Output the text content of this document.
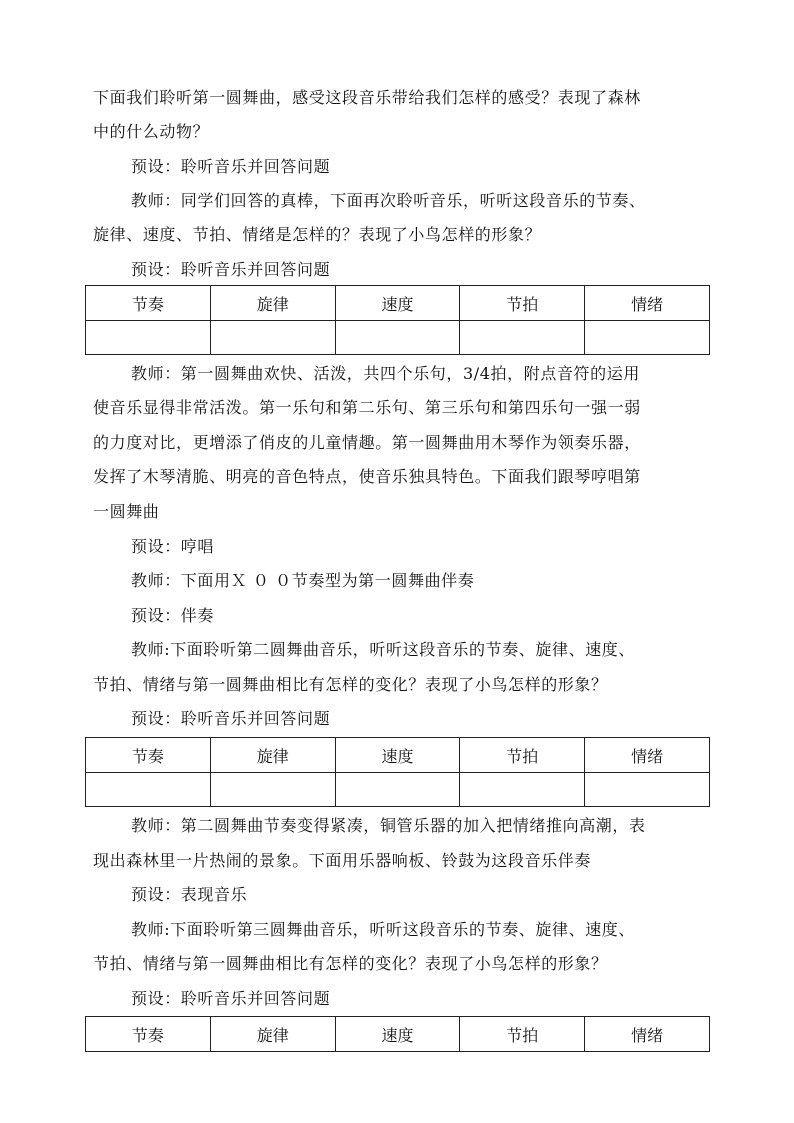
下面我们聆听第一圆舞曲，感受这段音乐带给我们怎样的感受？表现了森林
中的什么动物？
预设：聆听音乐并回答问题
教师：同学们回答的真棒，下面再次聆听音乐，听听这段音乐的节奏、
旋律、速度、节拍、情绪是怎样的？表现了小鸟怎样的形象？
预设：聆听音乐并回答问题
节奏	旋律	速度	节拍	情绪

教师：第一圆舞曲欢快、活泼，共四个乐句，3/4拍，附点音符的运用
使音乐显得非常活泼。第一乐句和第二乐句、第三乐句和第四乐句一强一弱
的力度对比，更增添了俏皮的儿童情趣。第一圆舞曲用木琴作为领奏乐器，
发挥了木琴清脆、明亮的音色特点，使音乐独具特色。下面我们跟琴哼唱第
一圆舞曲
预设：哼唱
教师：下面用Ｘ ０ ０节奏型为第一圆舞曲伴奏
预设：伴奏
教师:下面聆听第二圆舞曲音乐，听听这段音乐的节奏、旋律、速度、
节拍、情绪与第一圆舞曲相比有怎样的变化？表现了小鸟怎样的形象？
预设：聆听音乐并回答问题
节奏	旋律	速度	节拍	情绪

教师：第二圆舞曲节奏变得紧凑，铜管乐器的加入把情绪推向高潮，表
现出森林里一片热闹的景象。下面用乐器响板、铃鼓为这段音乐伴奏
预设：表现音乐
教师:下面聆听第三圆舞曲音乐，听听这段音乐的节奏、旋律、速度、
节拍、情绪与第一圆舞曲相比有怎样的变化？表现了小鸟怎样的形象？
预设：聆听音乐并回答问题
节奏	旋律	速度	节拍	情绪
